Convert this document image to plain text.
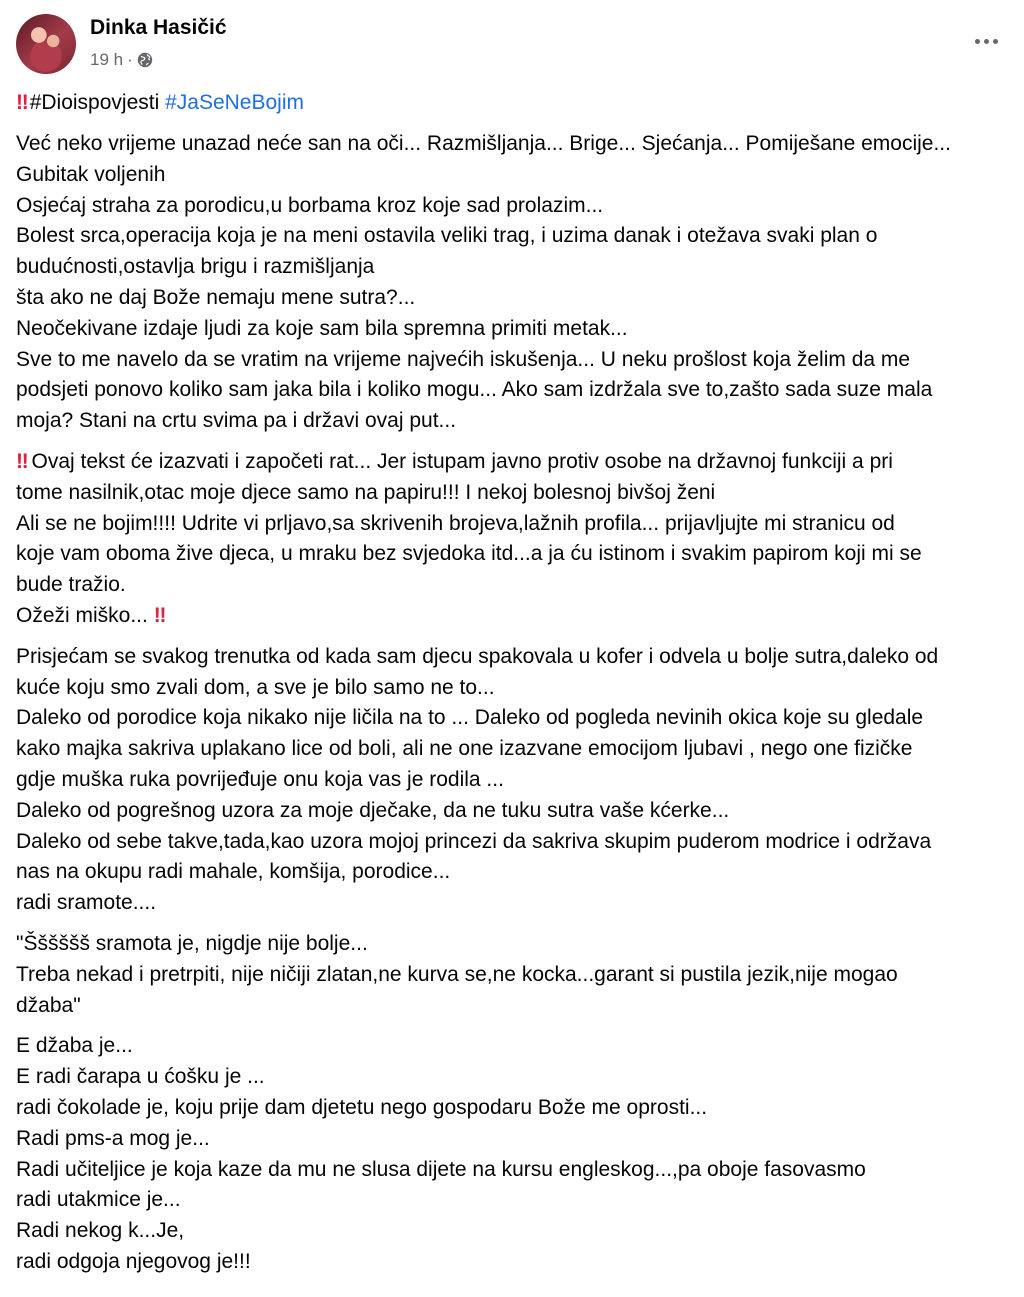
Dinka Hasičić
19 h ·
‼ #Dioispovjesti #JaSeNeBojim
Već neko vrijeme unazad neće san na oči... Razmišljanja... Brige... Sjećanja... Pomiješane emocije...
Gubitak voljenih
Osjećaj straha za porodicu,u borbama kroz koje sad prolazim...
Bolest srca,operacija koja je na meni ostavila veliki trag, i uzima danak i otežava svaki plan o
budućnosti,ostavlja brigu i razmišljanja
šta ako ne daj Bože nemaju mene sutra?...
Neočekivane izdaje ljudi za koje sam bila spremna primiti metak...
Sve to me navelo da se vratim na vrijeme najvećih iskušenja... U neku prošlost koja želim da me
podsjeti ponovo koliko sam jaka bila i koliko mogu... Ako sam izdržala sve to,zašto sada suze mala
moja? Stani na crtu svima pa i državi ovaj put...
‼ Ovaj tekst će izazvati i započeti rat... Jer istupam javno protiv osobe na državnoj funkciji a pri
tome nasilnik,otac moje djece samo na papiru!!! I nekoj bolesnoj bivšoj ženi
Ali se ne bojim!!!! Udrite vi prljavo,sa skrivenih brojeva,lažnih profila... prijavljujte mi stranicu od
koje vam oboma žive djeca, u mraku bez svjedoka itd...a ja ću istinom i svakim papirom koji mi se
bude tražio.
Ožeži miško... ‼
Prisjećam se svakog trenutka od kada sam djecu spakovala u kofer i odvela u bolje sutra,daleko od
kuće koju smo zvali dom, a sve je bilo samo ne to...
Daleko od porodice koja nikako nije ličila na to ... Daleko od pogleda nevinih okica koje su gledale
kako majka sakriva uplakano lice od boli, ali ne one izazvane emocijom ljubavi , nego one fizičke
gdje muška ruka povrijeđuje onu koja vas je rodila ...
Daleko od pogrešnog uzora za moje dječake, da ne tuku sutra vaše kćerke...
Daleko od sebe takve,tada,kao uzora mojoj princezi da sakriva skupim puderom modrice i održava
nas na okupu radi mahale, komšija, porodice...
radi sramote....
"Šššššš sramota je, nigdje nije bolje...
Treba nekad i pretrpiti, nije ničiji zlatan,ne kurva se,ne kocka...garant si pustila jezik,nije mogao
džaba"
E džaba je...
E radi čarapa u ćošku je ...
radi čokolade je, koju prije dam djetetu nego gospodaru Bože me oprosti...
Radi pms-a mog je...
Radi učiteljice je koja kaze da mu ne slusa dijete na kursu engleskog...,pa oboje fasovasmo
radi utakmice je...
Radi nekog k...Je,
radi odgoja njegovog je!!!
